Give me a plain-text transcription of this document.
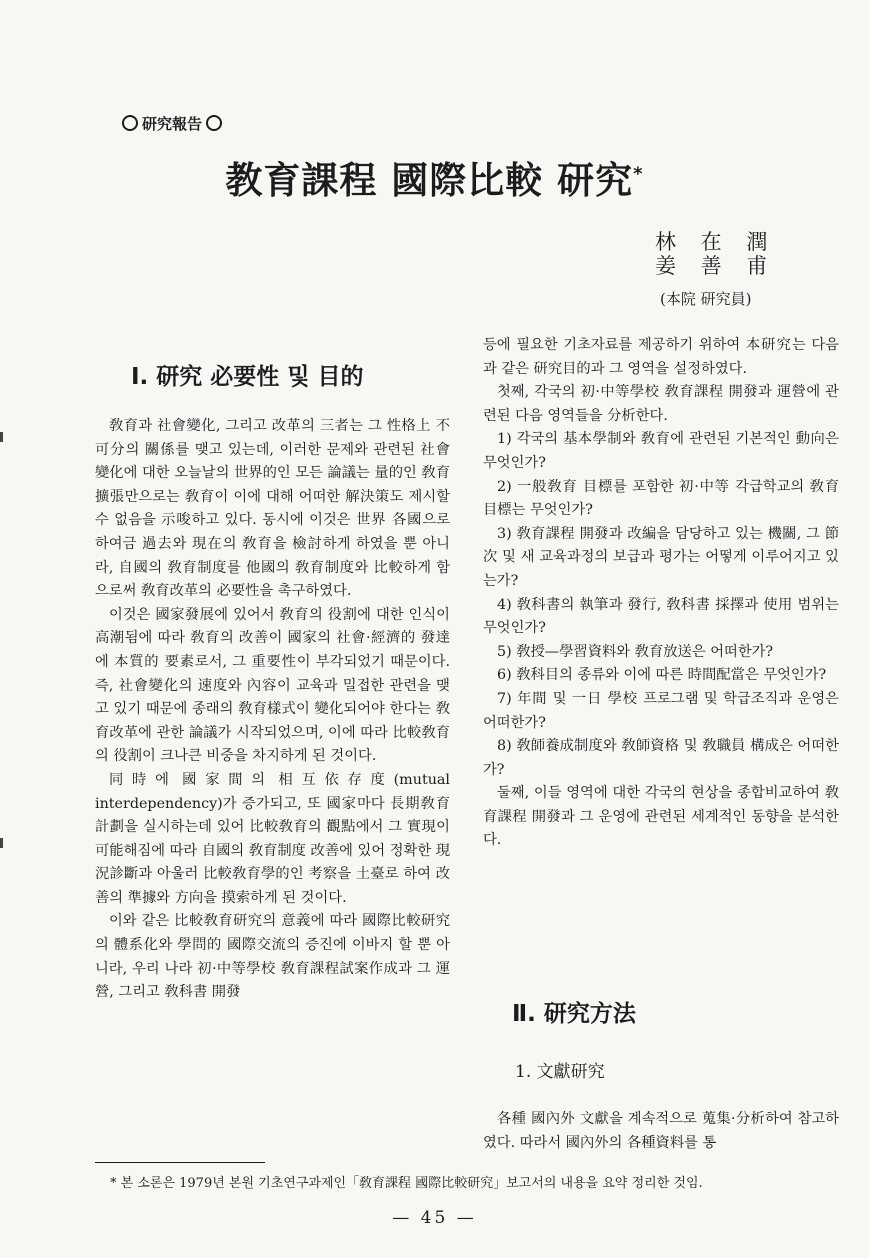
研究報告
教育課程 國際比較 研究*
林 在 潤
姜 善 甫
(本院 研究員)
Ⅰ. 研究 必要性 및 目的

敎育과 社會變化, 그리고 改革의 三者는 그 性格上 不可分의 關係를 맺고 있는데, 이러한 문제와 관련된 社會變化에 대한 오늘날의 世界的인 모든 論議는 量的인 敎育擴張만으로는 敎育이 이에 대해 어떠한 解決策도 제시할 수 없음을 示唆하고 있다. 동시에 이것은 世界 各國으로 하여금 過去와 現在의 敎育을 檢討하게 하였을 뿐 아니라, 自國의 敎育制度를 他國의 敎育制度와 比較하게 함으로써 敎育改革의 必要性을 촉구하였다.

이것은 國家發展에 있어서 敎育의 役割에 대한 인식이 高潮됨에 따라 敎育의 改善이 國家의 社會·經濟的 發達에 本質的 要素로서, 그 重要性이 부각되었기 때문이다. 즉, 社會變化의 速度와 內容이 교육과 밀접한 관련을 맺고 있기 때문에 종래의 敎育樣式이 變化되어야 한다는 敎育改革에 관한 論議가 시작되었으며, 이에 따라 比較敎育의 役割이 크나큰 비중을 차지하게 된 것이다.

同時에 國家間의 相互依存度(mutual interdependency)가 증가되고, 또 國家마다 長期敎育計劃을 실시하는데 있어 比較敎育의 觀點에서 그 實現이 可能해짐에 따라 自國의 敎育制度 改善에 있어 정확한 現況診斷과 아울러 比較敎育學的인 考察을 土臺로 하여 改善의 準據와 方向을 摸索하게 된 것이다.

이와 같은 比較敎育研究의 意義에 따라 國際比較研究의 體系化와 學問的 國際交流의 증진에 이바지 할 뿐 아니라, 우리 나라 初·中等學校 敎育課程試案作成과 그 運營, 그리고 敎科書 開發

등에 필요한 기초자료를 제공하기 위하여 本研究는 다음과 같은 研究目的과 그 영역을 설정하였다.

첫째, 각국의 初·中等學校 敎育課程 開發과 運營에 관련된 다음 영역들을 分析한다.

1) 각국의 基本學制와 敎育에 관련된 기본적인 動向은 무엇인가?

2) 一般敎育 目標를 포함한 初·中等 각급학교의 敎育目標는 무엇인가?

3) 敎育課程 開發과 改編을 담당하고 있는 機關, 그 節次 및 새 교육과정의 보급과 평가는 어떻게 이루어지고 있는가?

4) 敎科書의 執筆과 發行, 敎科書 採擇과 使用 범위는 무엇인가?

5) 敎授—學習資料와 敎育放送은 어떠한가?

6) 敎科目의 종류와 이에 따른 時間配當은 무엇인가?

7) 年間 및 一日 學校 프로그램 및 학급조직과 운영은 어떠한가?

8) 敎師養成制度와 敎師資格 및 敎職員 構成은 어떠한가?

둘째, 이들 영역에 대한 각국의 현상을 종합비교하여 敎育課程 開發과 그 운영에 관련된 세계적인 동향을 분석한다.

Ⅱ. 研究方法
1. 文獻研究

各種 國內外 文獻을 계속적으로 蒐集·分析하여 참고하였다. 따라서 國內外의 各種資料를 통

* 본 소론은 1979년 본원 기초연구과제인「敎育課程 國際比較研究」보고서의 내용을 요약 정리한 것임.
— 45 —
